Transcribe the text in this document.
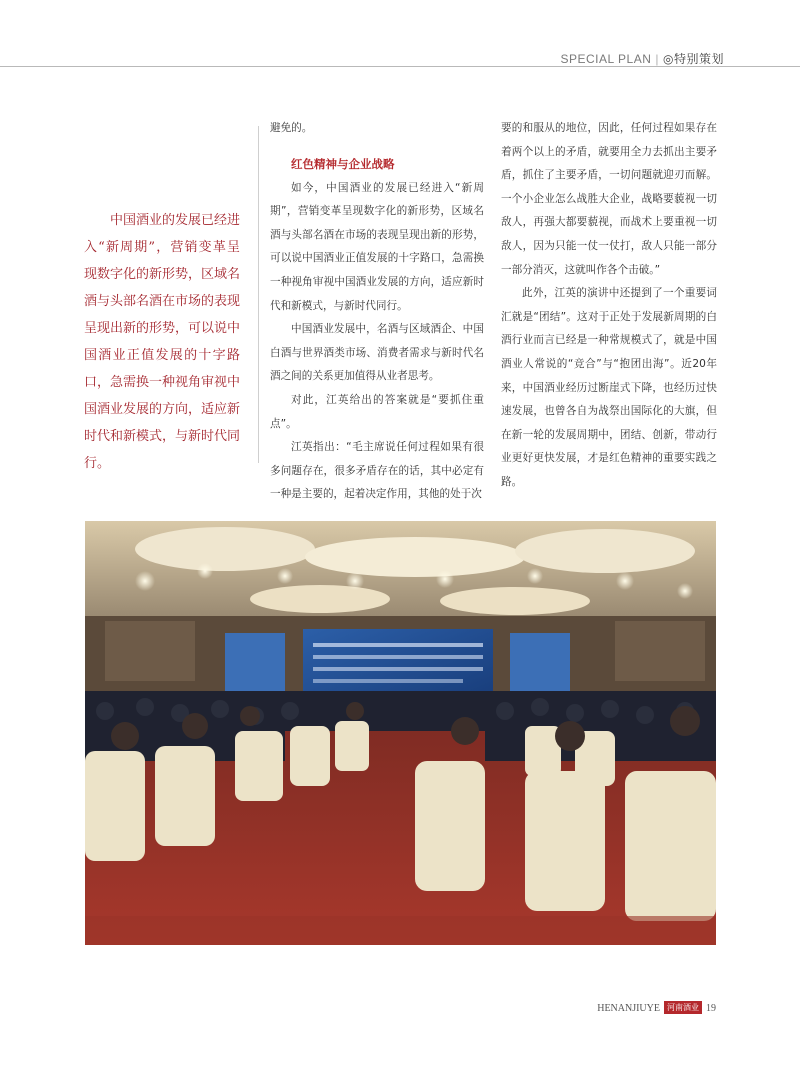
SPECIAL PLAN | ◎特别策划
中国酒业的发展已经进入“新周期”，营销变革呈现数字化的新形势，区域名酒与头部名酒在市场的表现呈现出新的形势，可以说中国酒业正值发展的十字路口，急需换一种视角审视中国酒业发展的方向，适应新时代和新模式，与新时代同行。

避免的。

红色精神与企业战略

如今，中国酒业的发展已经进入“新周期”，营销变革呈现数字化的新形势，区域名酒与头部名酒在市场的表现呈现出新的形势，可以说中国酒业正值发展的十字路口，急需换一种视角审视中国酒业发展的方向，适应新时代和新模式，与新时代同行。

中国酒业发展中，名酒与区域酒企、中国白酒与世界酒类市场、消费者需求与新时代名酒之间的关系更加值得从业者思考。

对此，江英给出的答案就是“要抓住重点”。

江英指出：“毛主席说任何过程如果有很多问题存在，很多矛盾存在的话，其中必定有一种是主要的，起着决定作用，其他的处于次

要的和服从的地位，因此，任何过程如果存在着两个以上的矛盾，就要用全力去抓出主要矛盾，抓住了主要矛盾，一切问题就迎刃而解。一个小企业怎么战胜大企业，战略要藐视一切敌人，再强大都要藐视，而战术上要重视一切敌人，因为只能一仗一仗打，敌人只能一部分一部分消灭，这就叫作各个击破。”

此外，江英的演讲中还提到了一个重要词汇就是“团结”。这对于正处于发展新周期的白酒行业而言已经是一种常规模式了，就是中国酒业人常说的“竞合”与“抱团出海”。近20年来，中国酒业经历过断崖式下降，也经历过快速发展，也曾各自为战祭出国际化的大旗，但在新一轮的发展周期中，团结、创新，带动行业更好更快发展，才是红色精神的重要实践之路。

HENANJIUYE 河南酒业 19
